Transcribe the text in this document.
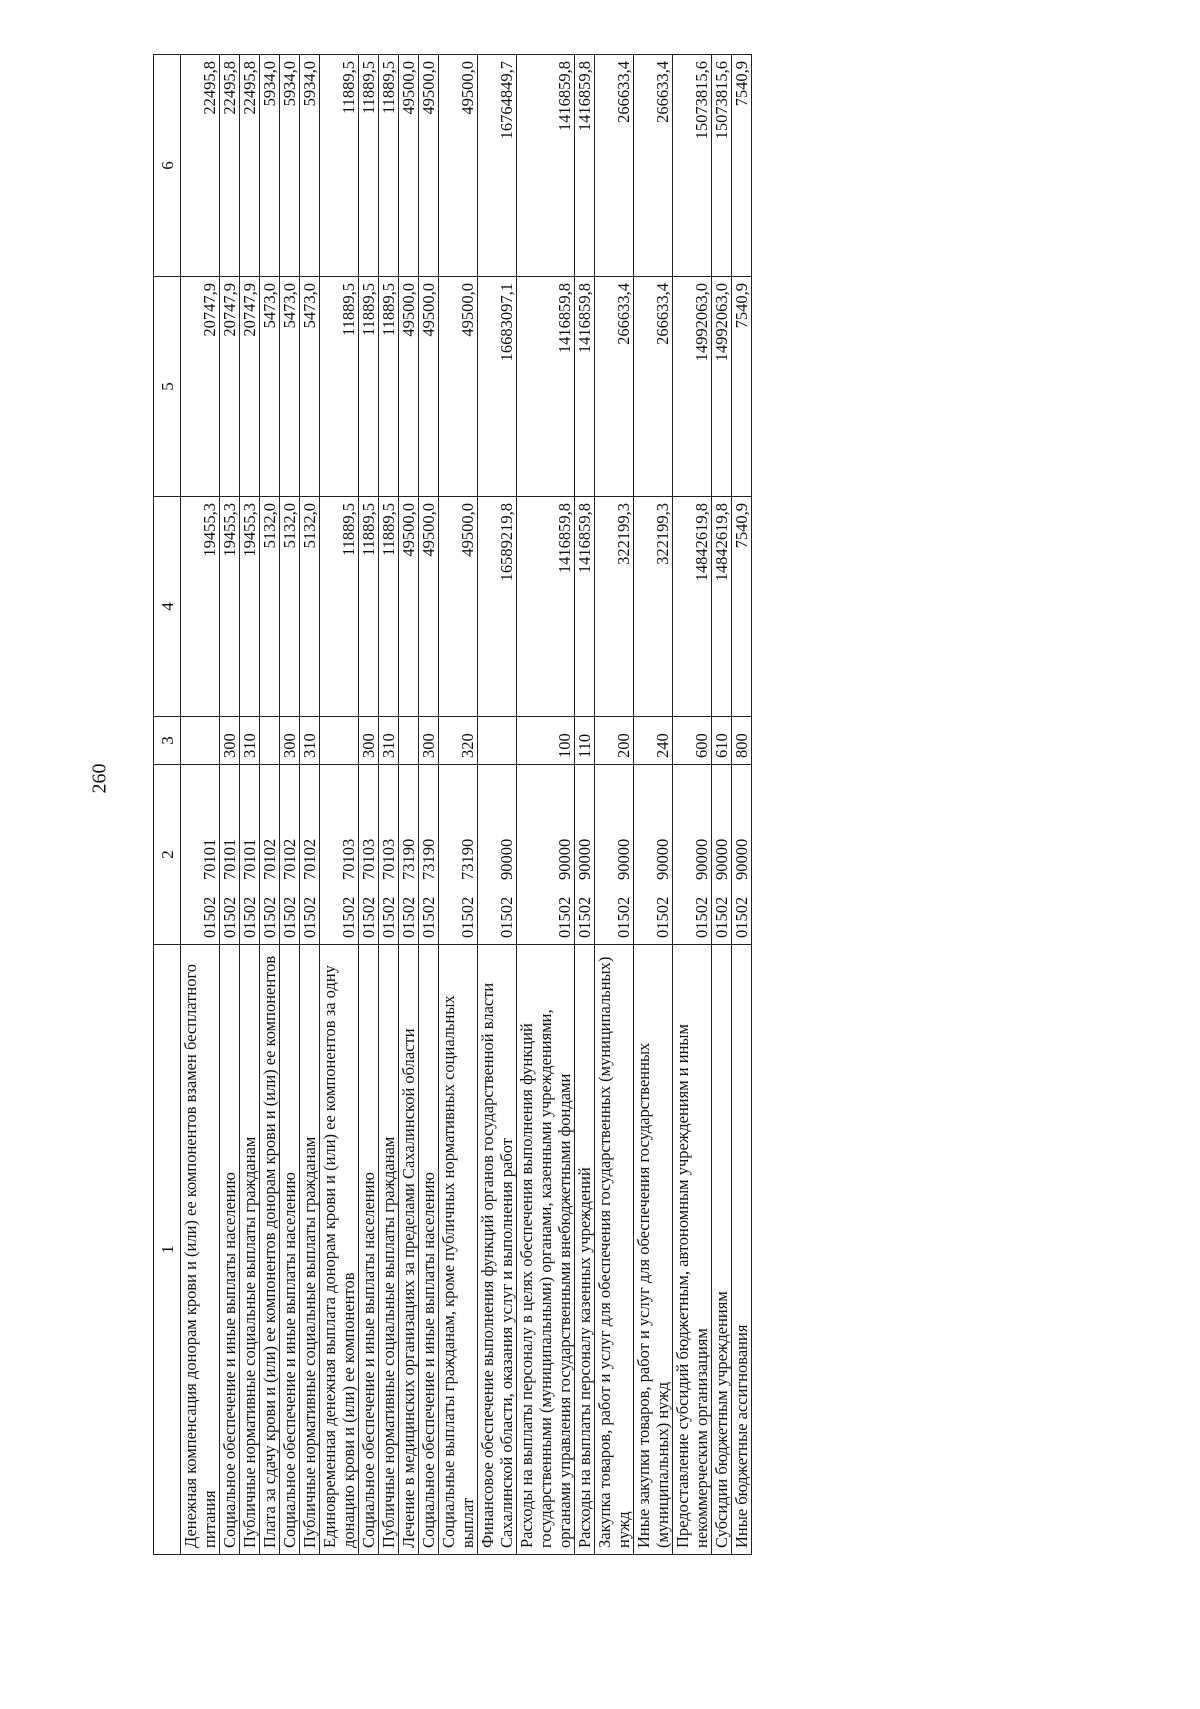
260
1	2	3	4	5	6
Денежная компенсация донорам крови и (или) ее компонентов взамен бесплатного питания	0150270101		19455,3	20747,9	22495,8
Социальное обеспечение и иные выплаты населению	0150270101	300	19455,3	20747,9	22495,8
Публичные нормативные социальные выплаты гражданам	0150270101	310	19455,3	20747,9	22495,8
Плата за сдачу крови и (или) ее компонентов донорам крови и (или) ее компонентов	0150270102		5132,0	5473,0	5934,0
Социальное обеспечение и иные выплаты населению	0150270102	300	5132,0	5473,0	5934,0
Публичные нормативные социальные выплаты гражданам	0150270102	310	5132,0	5473,0	5934,0
Единовременная денежная выплата донорам крови и (или) ее компонентов за одну донацию крови и (или) ее компонентов	0150270103		11889,5	11889,5	11889,5
Социальное обеспечение и иные выплаты населению	0150270103	300	11889,5	11889,5	11889,5
Публичные нормативные социальные выплаты гражданам	0150270103	310	11889,5	11889,5	11889,5
Лечение в медицинских организациях за пределами Сахалинской области	0150273190		49500,0	49500,0	49500,0
Социальное обеспечение и иные выплаты населению	0150273190	300	49500,0	49500,0	49500,0
Социальные выплаты гражданам, кроме публичных нормативных социальных выплат	0150273190	320	49500,0	49500,0	49500,0
Финансовое обеспечение выполнения функций органов государственной власти Сахалинской области, оказания услуг и выполнения работ	0150290000		16589219,8	16683097,1	16764849,7
Расходы на выплаты персоналу в целях обеспечения выполнения функций государственными (муниципальными) органами, казенными учреждениями, органами управления государственными внебюджетными фондами	0150290000	100	1416859,8	1416859,8	1416859,8
Расходы на выплаты персоналу казенных учреждений	0150290000	110	1416859,8	1416859,8	1416859,8
Закупка товаров, работ и услуг для обеспечения государственных (муниципальных) нужд	0150290000	200	322199,3	266633,4	266633,4
Иные закупки товаров, работ и услуг для обеспечения государственных (муниципальных) нужд	0150290000	240	322199,3	266633,4	266633,4
Предоставление субсидий бюджетным, автономным учреждениям и иным некоммерческим организациям	0150290000	600	14842619,8	14992063,0	15073815,6
Субсидии бюджетным учреждениям	0150290000	610	14842619,8	14992063,0	15073815,6
Иные бюджетные ассигнования	0150290000	800	7540,9	7540,9	7540,9
